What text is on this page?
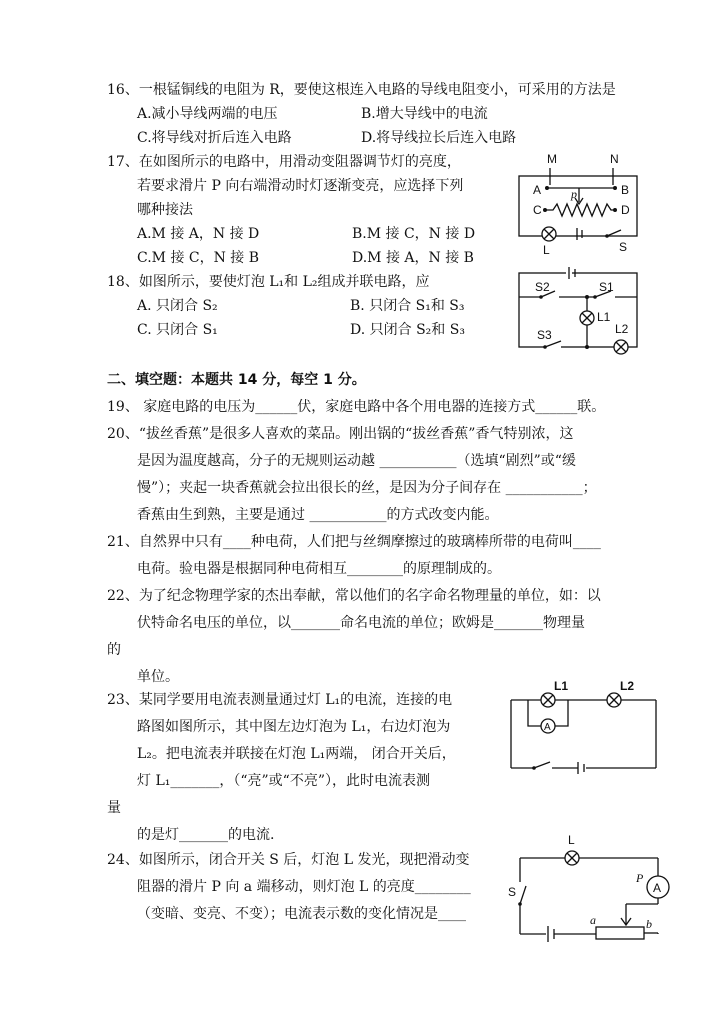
16、一根锰铜线的电阻为 R，要使这根连入电路的导线电阻变小，可采用的方法是
A.减小导线两端的电压	B.增大导线中的电流
C.将导线对折后连入电路	D.将导线拉长后连入电路
17、在如图所示的电路中，用滑动变阻器调节灯的亮度，
若要求滑片 P 向右端滑动时灯逐渐变亮，应选择下列
哪种接法
A.M 接 A，N 接 D	B.M 接 C，N 接 D
C.M 接 C，N 接 B	D.M 接 A，N 接 B
M	N
A	B
p
C	D
L	S
18、如图所示，要使灯泡 L₁和 L₂组成并联电路，应
A. 只闭合 S₂	B. 只闭合 S₁和 S₃
C. 只闭合 S₁	D. 只闭合 S₂和 S₃
S2	S1
L1
L2
S3
二、填空题：本题共 14 分，每空 1 分。
19、 家庭电路的电压为______伏，家庭电路中各个用电器的连接方式______联。
20、“拔丝香蕉”是很多人喜欢的菜品。刚出锅的“拔丝香蕉”香气特别浓，这
是因为温度越高，分子的无规则运动越 ___________（选填“剧烈”或“缓
慢”）；夹起一块香蕉就会拉出很长的丝，是因为分子间存在 ___________；
香蕉由生到熟，主要是通过 ___________的方式改变内能。
21、自然界中只有____种电荷，人们把与丝绸摩擦过的玻璃棒所带的电荷叫____
电荷。验电器是根据同种电荷相互________的原理制成的。
22、为了纪念物理学家的杰出奉献，常以他们的名字命名物理量的单位，如：以
伏特命名电压的单位，以_______命名电流的单位；欧姆是_______物理量
的
单位。
23、某同学要用电流表测量通过灯 L₁的电流，连接的电
路图如图所示，其中图左边灯泡为 L₁，右边灯泡为
L₂。把电流表并联接在灯泡 L₁两端， 闭合开关后，
灯 L₁_______，（“亮”或“不亮”），此时电流表测
量
的是灯_______的电流.
L1	L2
A
24、如图所示，闭合开关 S 后，灯泡 L 发光，现把滑动变
阻器的滑片 P 向 a 端移动，则灯泡 L 的亮度________
（变暗、变亮、不变）；电流表示数的变化情况是____
L
S	A
P
a	b
